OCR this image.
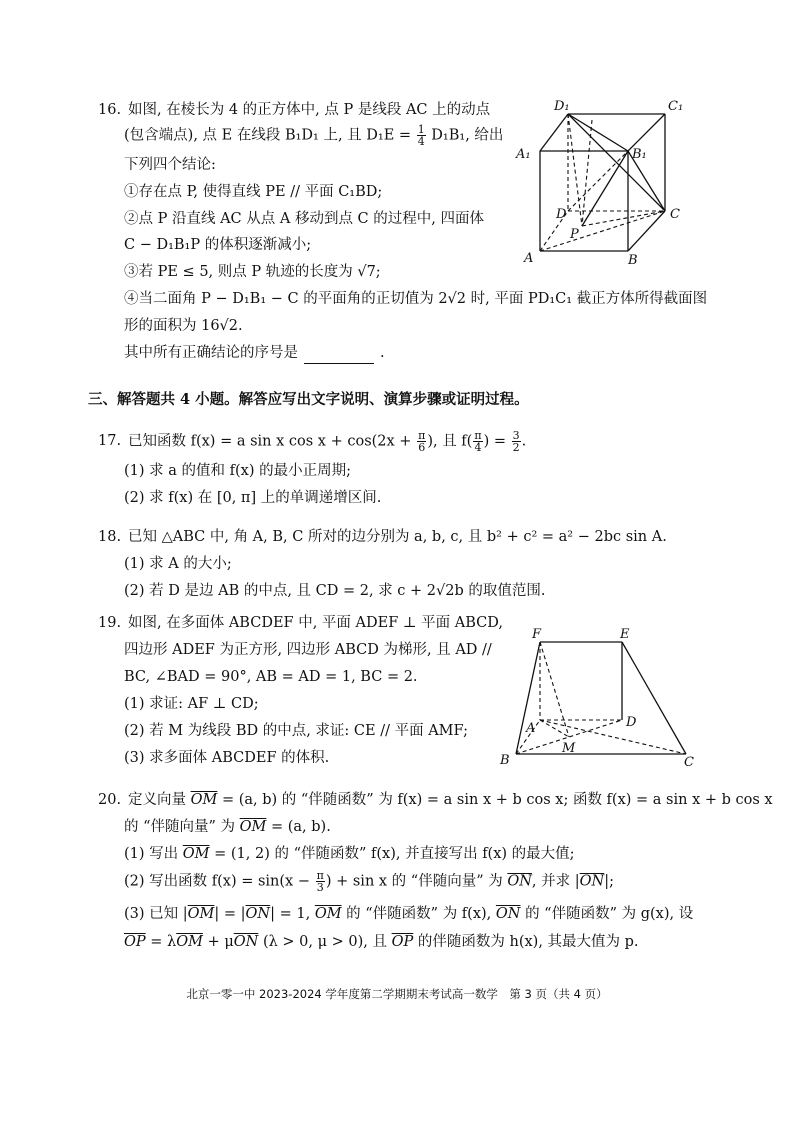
16. 如图, 在棱长为 4 的正方体中, 点 P 是线段 AC 上的动点
(包含端点), 点 E 在线段 B₁D₁ 上, 且 $D_1E = \frac{1}{4} D_1B_1$, 给出
下列四个结论:
①存在点 P, 使得直线 PE // 平面 C₁BD;
②点 P 沿直线 AC 从点 A 移动到点 C 的过程中, 四面体
C − D₁B₁P 的体积逐渐减小;
③若 PE ≤ 5, 则点 P 轨迹的长度为 √7;
④当二面角 P − D₁B₁ − C 的平面角的正切值为 2√2 时, 平面 PD₁C₁ 截正方体所得截面图
形的面积为 16√2.
其中所有正确结论的序号是	.
D₁	C₁
A₁	B₁
D	C
P
A	B
三、解答题共 4 小题。解答应写出文字说明、演算步骤或证明过程。
17. 已知函数 f(x) = a sin x $\cos x + \cos(2x + \frac{\pi}{6}$ ), 且 $f( \frac{\pi}{4}$ ) = $\frac{3}{2}$ .
(1) 求 a 的值和 f(x) 的最小正周期;
(2) 求 f(x) 在 [0, π] 上的单调递增区间.
18. 已知 △ABC 中, 角 A, B, C 所对的边分别为 a, b, c, 且 b² + c² = a² − 2bc sin A.
(1) 求 A 的大小;
(2) 若 D 是边 AB 的中点, 且 CD = 2, 求 c + 2√2b 的取值范围.
19. 如图, 在多面体 ABCDEF 中, 平面 ADEF ⊥ 平面 ABCD,
四边形 ADEF 为正方形, 四边形 ABCD 为梯形, 且 AD //
BC, ∠BAD = 90°, AB = AD = 1, BC = 2.
(1) 求证: AF ⊥ CD;
(2) 若 M 为线段 BD 的中点, 求证: CE // 平面 AMF;
(3) 求多面体 ABCDEF 的体积.
F	E
B	C
M
A	D
20. 定义向量 $\overline{OM} = (a$, b) 的 “伴随函数” 为 f(x) = a sin x + b cos x; 函数 f(x) = a sin x + b cos x
的 “伴随向量” 为 $\overline{OM} = (a$, b).
(1) 写出 $\overline{OM} = (1$, 2) 的 “伴随函数” f(x), 并直接写出 f(x) 的最大值;
(2) 写出函数 $f(x) = \sin(x - \frac{\pi}{3}$ ) + sin x 的 “伴随向量” 为 $\overline{ON}$, 并求 $|\overline{ON}|$;
(3) 已知 $|\overline{OM}| = |\overline{ON}| = 1$, $\overline{OM}$ 的 “伴随函数” 为 f(x), $\overline{ON}$ 的 “伴随函数” 为 g(x), 设
$\overline{OP} = \lambda\overline{OM} + \mu\overline{ON}$ (λ > 0, μ > 0), 且 $\overline{OP}$ 的伴随函数为 h(x), 其最大值为 p.
北京一零一中 2023-2024 学年度第二学期期末考试高一数学　第 3 页（共 4 页）
